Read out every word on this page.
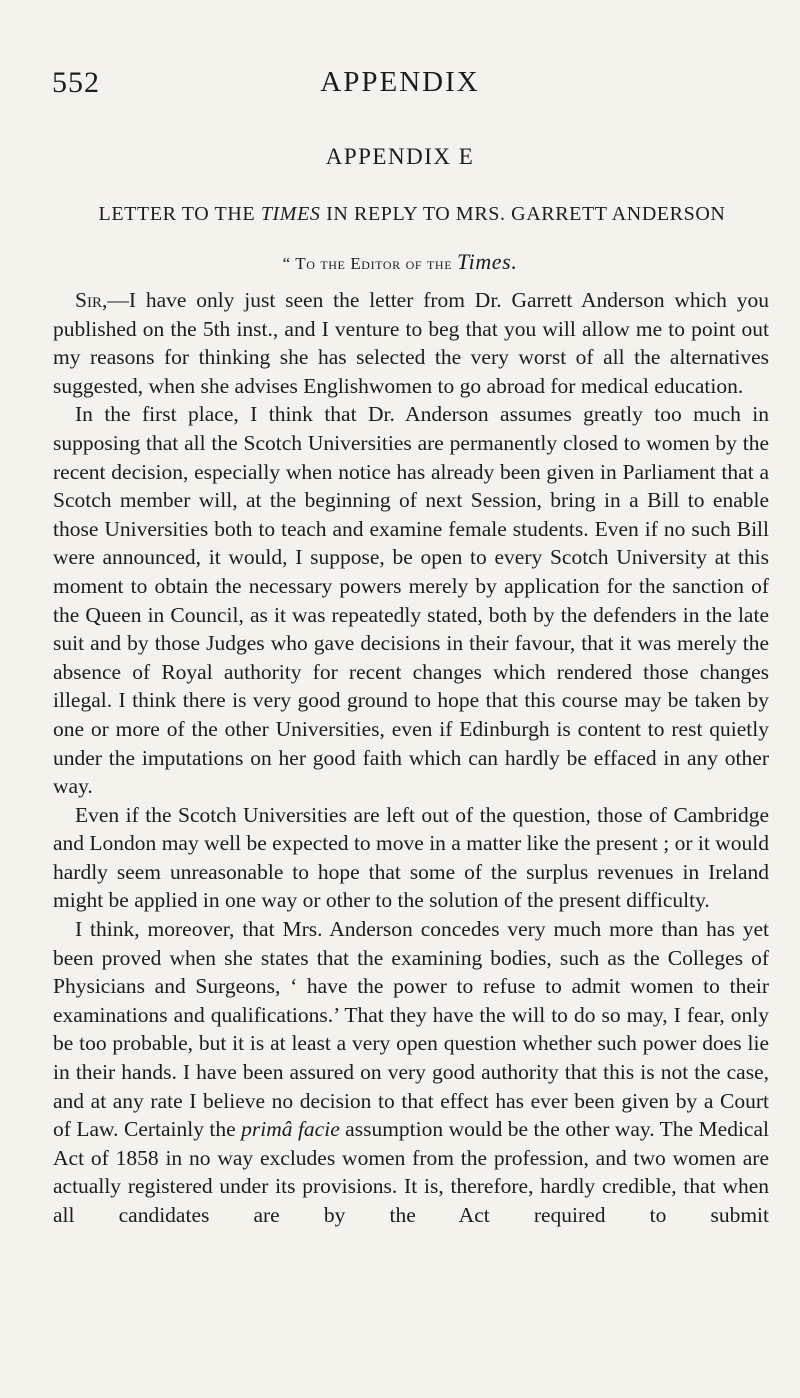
552	APPENDIX
APPENDIX E
LETTER TO THE TIMES IN REPLY TO MRS. GARRETT ANDERSON
“ To the Editor of the Times.

Sir,—I have only just seen the letter from Dr. Garrett Anderson which you published on the 5th inst., and I venture to beg that you will allow me to point out my reasons for thinking she has selected the very worst of all the alternatives suggested, when she advises Englishwomen to go abroad for medical education.

In the first place, I think that Dr. Anderson assumes greatly too much in supposing that all the Scotch Universities are permanently closed to women by the recent decision, especially when notice has already been given in Parliament that a Scotch member will, at the beginning of next Session, bring in a Bill to enable those Universities both to teach and examine female students. Even if no such Bill were announced, it would, I suppose, be open to every Scotch University at this moment to obtain the necessary powers merely by application for the sanction of the Queen in Council, as it was repeatedly stated, both by the defenders in the late suit and by those Judges who gave decisions in their favour, that it was merely the absence of Royal authority for recent changes which rendered those changes illegal. I think there is very good ground to hope that this course may be taken by one or more of the other Universities, even if Edinburgh is content to rest quietly under the imputations on her good faith which can hardly be effaced in any other way.

Even if the Scotch Universities are left out of the question, those of Cambridge and London may well be expected to move in a matter like the present ; or it would hardly seem unreasonable to hope that some of the surplus revenues in Ireland might be applied in one way or other to the solution of the present difficulty.

I think, moreover, that Mrs. Anderson concedes very much more than has yet been proved when she states that the examining bodies, such as the Colleges of Physicians and Surgeons, ‘ have the power to refuse to admit women to their examinations and qualifications.’ That they have the will to do so may, I fear, only be too probable, but it is at least a very open question whether such power does lie in their hands. I have been assured on very good authority that this is not the case, and at any rate I believe no decision to that effect has ever been given by a Court of Law. Certainly the primâ facie assumption would be the other way. The Medical Act of 1858 in no way excludes women from the profession, and two women are actually registered under its provisions. It is, therefore, hardly credible, that when all candidates are by the Act required to submit
